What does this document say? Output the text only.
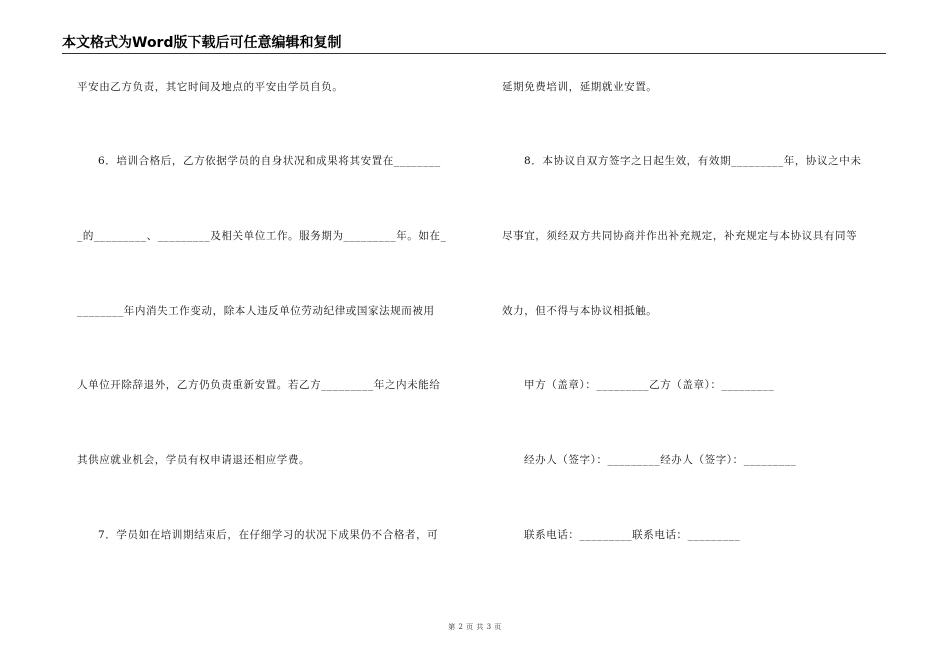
本文格式为Word版下载后可任意编辑和复制
平安由乙方负责，其它时间及地点的平安由学员自负。
6．培训合格后，乙方依据学员的自身状况和成果将其安置在________
_的_________、_________及相关单位工作。服务期为_________年。如在_
________年内消失工作变动，除本人违反单位劳动纪律或国家法规而被用
人单位开除辞退外，乙方仍负责重新安置。若乙方_________年之内未能给
其供应就业机会，学员有权申请退还相应学费。
7．学员如在培训期结束后，在仔细学习的状况下成果仍不合格者，可
延期免费培训，延期就业安置。
8．本协议自双方签字之日起生效，有效期_________年，协议之中未
尽事宜，须经双方共同协商并作出补充规定，补充规定与本协议具有同等
效力，但不得与本协议相抵触。
甲方（盖章）：_________乙方（盖章）：_________
经办人（签字）：_________经办人（签字）：_________
联系电话：_________联系电话：_________
第 2 页 共 3 页
